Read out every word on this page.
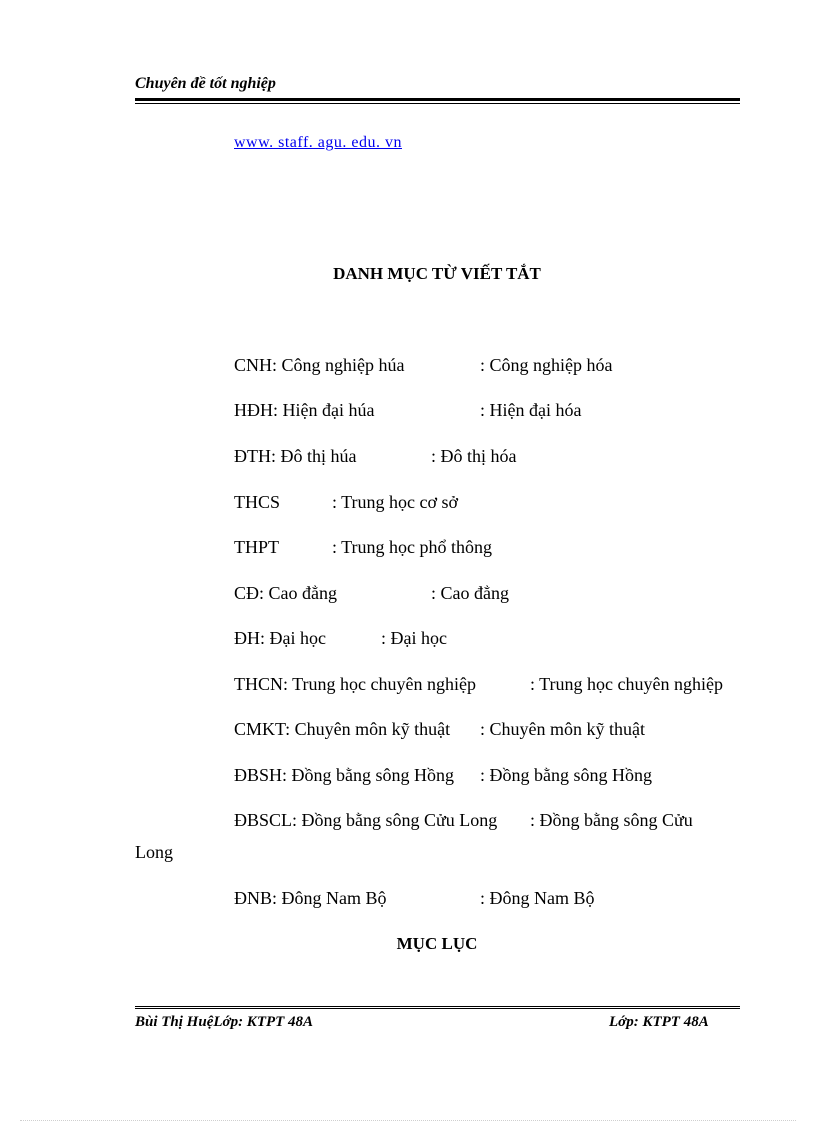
Chuyên đề tốt nghiệp
www. staff. agu. edu. vn
DANH MỤC TỪ VIẾT TẮT
CNH: Công nghiệp húa	: Công nghiệp hóa
HĐH: Hiện đại húa	: Hiện đại hóa
ĐTH: Đô thị húa	: Đô thị hóa
THCS	: Trung học cơ sở
THPT	: Trung học phổ thông
CĐ: Cao đẳng	: Cao đẳng
ĐH: Đại học	: Đại học
THCN: Trung học chuyên nghiệp	: Trung học chuyên nghiệp
CMKT: Chuyên môn kỹ thuật : Chuyên môn kỹ thuật
ĐBSH: Đồng bằng sông Hồng : Đồng bằng sông Hồng
ĐBSCL: Đồng bằng sông Cửu Long : Đồng bằng sông Cửu
Long
ĐNB: Đông Nam Bộ	: Đông Nam Bộ
MỤC LỤC
Bùi Thị HuệLớp: KTPT 48A	Lớp: KTPT 48A
